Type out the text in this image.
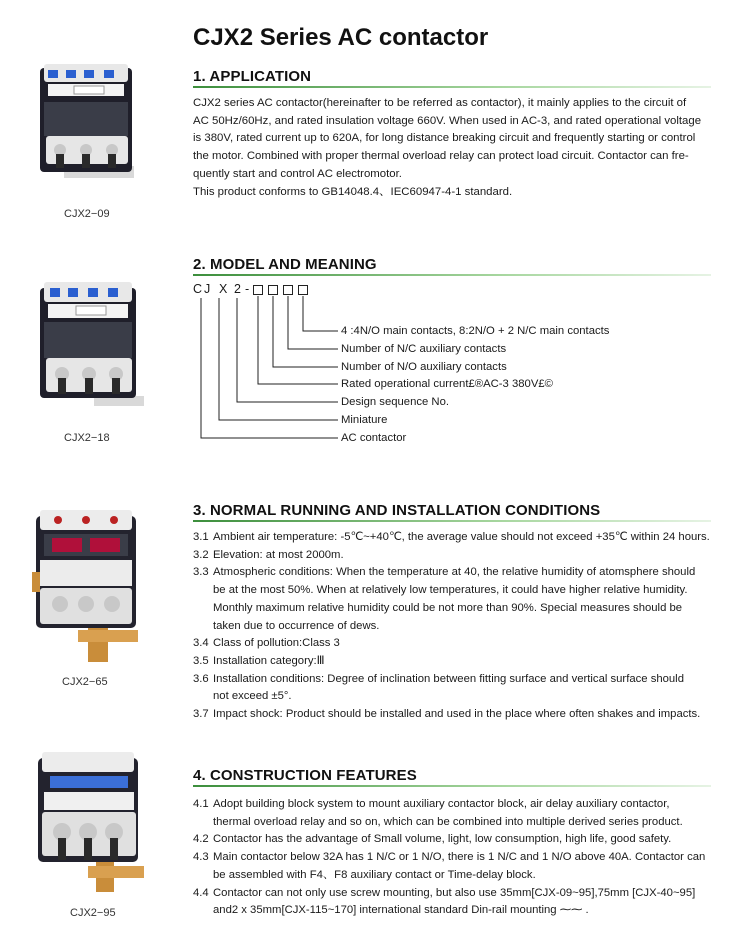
CJX2 Series AC contactor
CJX2−09
CJX2−18
CJX2−65
CJX2−95
1. APPLICATION
CJX2 series AC contactor(hereinafter to be referred as contactor), it mainly applies to the circuit of
AC 50Hz/60Hz, and rated insulation voltage 660V. When used in AC-3, and rated operational voltage
is 380V, rated current up to 620A, for long distance breaking circuit and frequently starting or control
the motor. Combined with proper thermal overload relay can protect load circuit. Contactor can fre-
quently start and control AC electromotor.
This product conforms to GB14048.4、IEC60947-4-1 standard.
2. MODEL AND MEANING
C J X 2 -
4 :4N/O main contacts, 8:2N/O + 2 N/C main contacts
Number of N/C auxiliary contacts
Number of N/O auxiliary contacts
Rated operational current£®AC-3 380V£©
Design sequence No.
Miniature
AC contactor
3. NORMAL RUNNING AND INSTALLATION CONDITIONS
3.1 Ambient air temperature: -5℃~+40℃, the average value should not exceed +35℃ within 24 hours.
3.2 Elevation: at most 2000m.
3.3 Atmospheric conditions: When the temperature at 40, the relative humidity of atomsphere should
be at the most 50%. When at relatively low temperatures, it could have higher relative humidity.
Monthly maximum relative humidity could be not more than 90%. Special measures should be
taken due to occurrence of dews.
3.4 Class of pollution:Class 3
3.5 Installation category:Ⅲ
3.6 Installation conditions: Degree of inclination between fitting surface and vertical surface should
not exceed ±5°.
3.7 Impact shock: Product should be installed and used in the place where often shakes and impacts.
4. CONSTRUCTION FEATURES
4.1 Adopt building block system to mount auxiliary contactor block, air delay auxiliary contactor,
thermal overload relay and so on, which can be combined into multiple derived series product.
4.2 Contactor has the advantage of Small volume, light, low consumption, high life, good safety.
4.3 Main contactor below 32A has 1 N/C or 1 N/O, there is 1 N/C and 1 N/O above 40A. Contactor can
be assembled with F4、F8 auxiliary contact or Time-delay block.
4.4 Contactor can not only use screw mounting, but also use 35mm[CJX-09~95],75mm [CJX-40~95]
and2 x 35mm[CJX-115~170] international standard Din-rail mounting ⁓⁓ .
